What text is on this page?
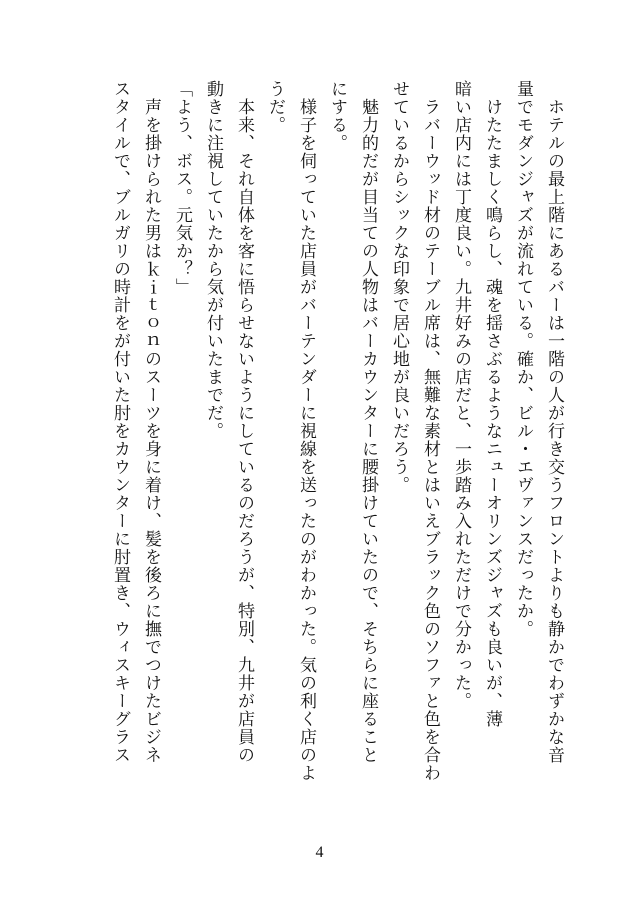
　ホテルの最上階にあるバーは一階の人が行き交うフロントよりも静かでわずかな音
量でモダンジャズが流れている。確か、ビル・エヴァンスだったか。
　けたたましく鳴らし、魂を揺さぶるようなニューオリンズジャズも良いが、薄
暗い店内には丁度良い。九井好みの店だと、一歩踏み入れただけで分かった。
　ラバーウッド材のテーブル席は、無難な素材とはいえブラック色のソファと色を合わ
せているからシックな印象で居心地が良いだろう。
　魅力的だが目当ての人物はバーカウンターに腰掛けていたので、そちらに座ること
にする。
　様子を伺っていた店員がバーテンダーに視線を送ったのがわかった。気の利く店のよ
うだ。
　本来、それ自体を客に悟らせないようにしているのだろうが、特別、九井が店員の
動きに注視していたから気が付いたまでだ。
「よう、ボス。元気か？」
　声を掛けられた男はｋｉｔｏｎのスーツを身に着け、髪を後ろに撫でつけたビジネ
スタイルで、ブルガリの時計をが付いた肘をカウンターに肘置き、ウィスキーグラス
4
